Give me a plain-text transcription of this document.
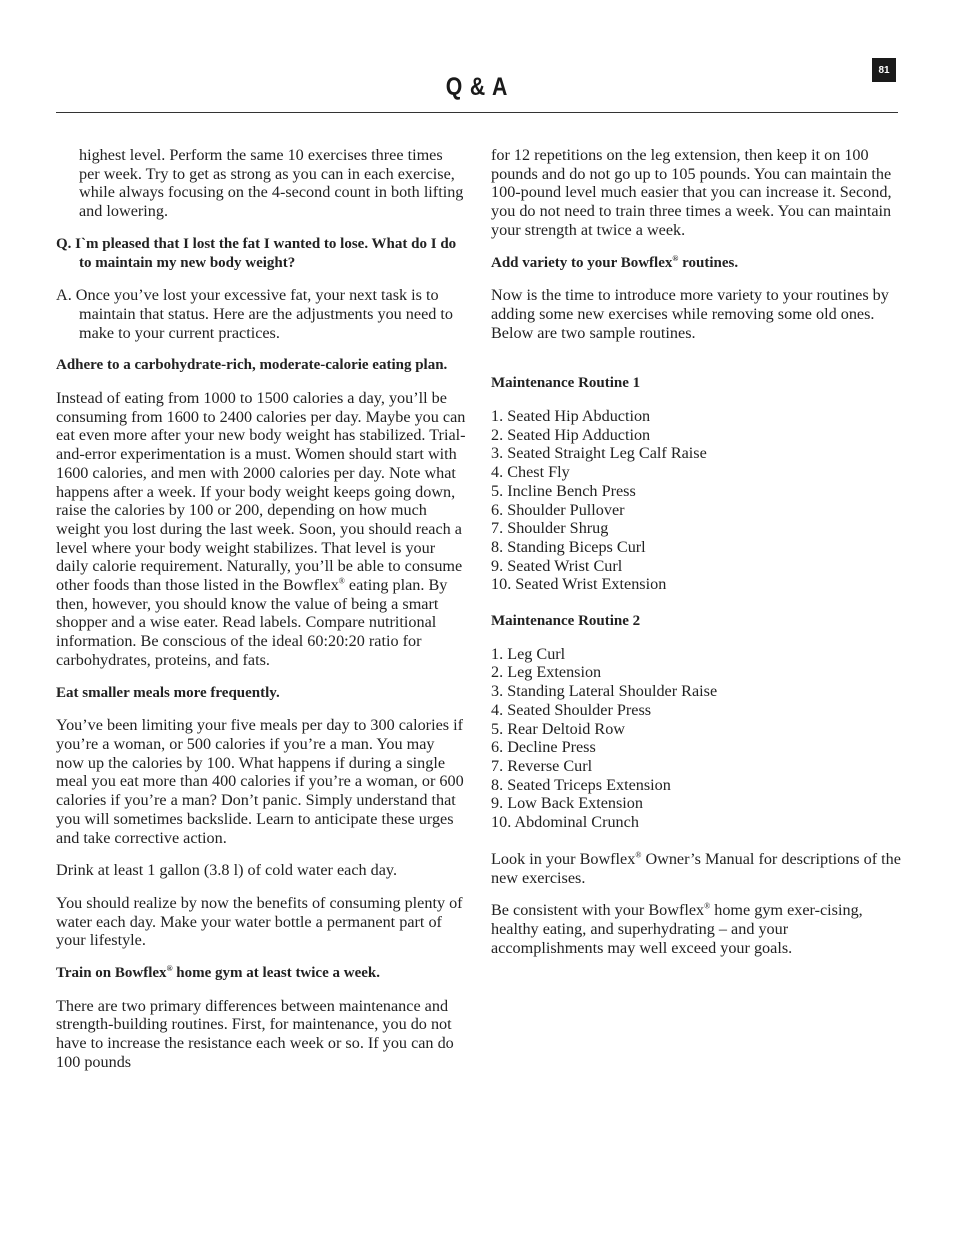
81
Q & A

highest level. Perform the same 10 exercises three times per week. Try to get as strong as you can in each exercise, while always focusing on the 4-second count in both lifting and lowering.

Q. I`m pleased that I lost the fat I wanted to lose. What do I do to maintain my new body weight?

A. Once you’ve lost your excessive fat, your next task is to maintain that status. Here are the adjustments you need to make to your current practices.

Adhere to a carbohydrate-rich, moderate-calorie eating plan.

Instead of eating from 1000 to 1500 calories a day, you’ll be consuming from 1600 to 2400 calories per day. Maybe you can eat even more after your new body weight has stabilized. Trial-and-error experimentation is a must. Women should start with 1600 calories, and men with 2000 calories per day. Note what happens after a week. If your body weight keeps going down, raise the calories by 100 or 200, depending on how much weight you lost during the last week. Soon, you should reach a level where your body weight stabilizes. That level is your daily calorie requirement. Naturally, you’ll be able to consume other foods than those listed in the Bowflex® eating plan. By then, however, you should know the value of being a smart shopper and a wise eater. Read labels. Compare nutritional information. Be conscious of the ideal 60:20:20 ratio for carbohydrates, proteins, and fats.

Eat smaller meals more frequently.

You’ve been limiting your five meals per day to 300 calories if you’re a woman, or 500 calories if you’re a man. You may now up the calories by 100. What happens if during a single meal you eat more than 400 calories if you’re a woman, or 600 calories if you’re a man? Don’t panic. Simply understand that you will sometimes backslide. Learn to anticipate these urges and take corrective action.

Drink at least 1 gallon (3.8 l) of cold water each day.

You should realize by now the benefits of consuming plenty of water each day. Make your water bottle a permanent part of your lifestyle.

Train on Bowflex® home gym at least twice a week.

There are two primary differences between maintenance and strength-building routines. First, for maintenance, you do not have to increase the resistance each week or so. If you can do 100 pounds

for 12 repetitions on the leg extension, then keep it on 100 pounds and do not go up to 105 pounds. You can maintain the 100-pound level much easier that you can increase it. Second, you do not need to train three times a week. You can maintain your strength at twice a week.

Add variety to your Bowflex® routines.

Now is the time to introduce more variety to your routines by adding some new exercises while removing some old ones. Below are two sample routines.

Maintenance Routine 1

1. Seated Hip Abduction
2. Seated Hip Adduction
3. Seated Straight Leg Calf Raise
4. Chest Fly
5. Incline Bench Press
6. Shoulder Pullover
7. Shoulder Shrug
8. Standing Biceps Curl
9. Seated Wrist Curl
10. Seated Wrist Extension

Maintenance Routine 2

1. Leg Curl
2. Leg Extension
3. Standing Lateral Shoulder Raise
4. Seated Shoulder Press
5. Rear Deltoid Row
6. Decline Press
7. Reverse Curl
8. Seated Triceps Extension
9. Low Back Extension
10. Abdominal Crunch

Look in your Bowflex® Owner’s Manual for descriptions of the new exercises.

Be consistent with your Bowflex® home gym exer-cising, healthy eating, and superhydrating – and your accomplishments may well exceed your goals.
